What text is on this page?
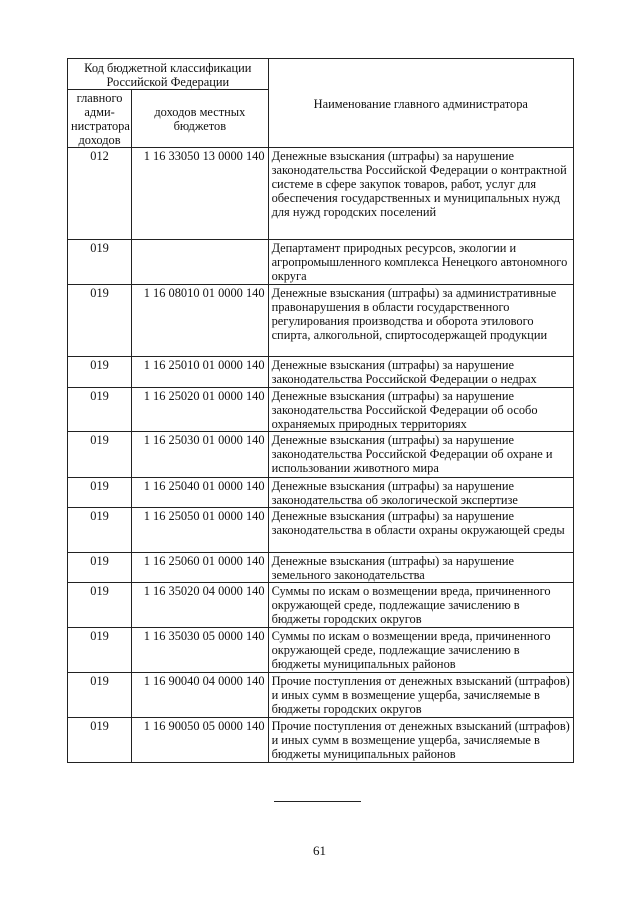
Код бюджетной классификации Российской Федерации		Наименование главного администратора
главного адми-нистратора доходов	доходов местных бюджетов	
012	1 16 33050 13 0000 140	Денежные взыскания (штрафы) за нарушение законодательства Российской Федерации о контрактной системе в сфере закупок товаров, работ, услуг для обеспечения государственных и муниципальных нужд для нужд городских поселений
019		Департамент природных ресурсов, экологии и агропромышленного комплекса Ненецкого автономного округа
019	1 16 08010 01 0000 140	Денежные взыскания (штрафы) за административные правонарушения в области государственного регулирования производства и оборота этилового спирта, алкогольной, спиртосодержащей продукции
019	1 16 25010 01 0000 140	Денежные взыскания (штрафы) за нарушение законодательства Российской Федерации о недрах
019	1 16 25020 01 0000 140	Денежные взыскания (штрафы) за нарушение законодательства Российской Федерации об особо охраняемых природных территориях
019	1 16 25030 01 0000 140	Денежные взыскания (штрафы) за нарушение законодательства Российской Федерации об охране и использовании животного мира
019	1 16 25040 01 0000 140	Денежные взыскания (штрафы) за нарушение законодательства об экологической экспертизе
019	1 16 25050 01 0000 140	Денежные взыскания (штрафы) за нарушение законодательства в области охраны окружающей среды
019	1 16 25060 01 0000 140	Денежные взыскания (штрафы) за нарушение земельного законодательства
019	1 16 35020 04 0000 140	Суммы по искам о возмещении вреда, причиненного окружающей среде, подлежащие зачислению в бюджеты городских округов
019	1 16 35030 05 0000 140	Суммы по искам о возмещении вреда, причиненного окружающей среде, подлежащие зачислению в бюджеты муниципальных районов
019	1 16 90040 04 0000 140	Прочие поступления от денежных взысканий (штрафов) и иных сумм в возмещение ущерба, зачисляемые в бюджеты городских округов
019	1 16 90050 05 0000 140	Прочие поступления от денежных взысканий (штрафов) и иных сумм в возмещение ущерба, зачисляемые в бюджеты муниципальных районов
61
